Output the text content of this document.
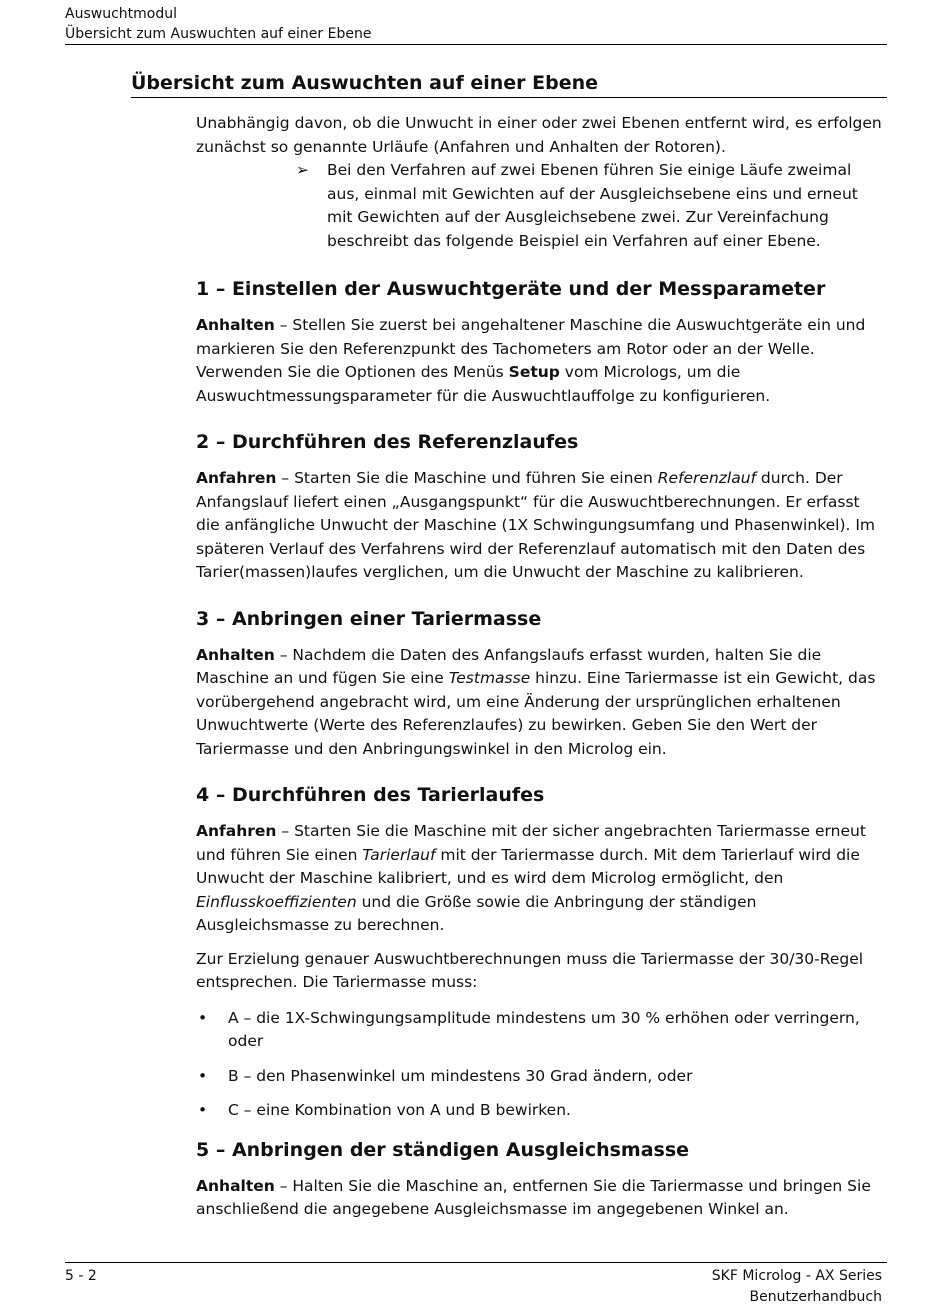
Auswuchtmodul
Übersicht zum Auswuchten auf einer Ebene
Übersicht zum Auswuchten auf einer Ebene

Unabhängig davon, ob die Unwucht in einer oder zwei Ebenen entfernt wird, es erfolgen zunächst so genannte Urläufe (Anfahren und Anhalten der Rotoren).

➢ Bei den Verfahren auf zwei Ebenen führen Sie einige Läufe zweimal aus, einmal mit Gewichten auf der Ausgleichsebene eins und erneut mit Gewichten auf der Ausgleichsebene zwei. Zur Vereinfachung beschreibt das folgende Beispiel ein Verfahren auf einer Ebene.

1 – Einstellen der Auswuchtgeräte und der Messparameter

Anhalten – Stellen Sie zuerst bei angehaltener Maschine die Auswuchtgeräte ein und markieren Sie den Referenzpunkt des Tachometers am Rotor oder an der Welle. Verwenden Sie die Optionen des Menüs Setup vom Micrologs, um die Auswuchtmessungsparameter für die Auswuchtlauffolge zu konfigurieren.

2 – Durchführen des Referenzlaufes

Anfahren – Starten Sie die Maschine und führen Sie einen Referenzlauf durch. Der Anfangslauf liefert einen „Ausgangspunkt“ für die Auswuchtberechnungen. Er erfasst die anfängliche Unwucht der Maschine (1X Schwingungsumfang und Phasenwinkel). Im späteren Verlauf des Verfahrens wird der Referenzlauf automatisch mit den Daten des Tarier(massen)laufes verglichen, um die Unwucht der Maschine zu kalibrieren.

3 – Anbringen einer Tariermasse

Anhalten – Nachdem die Daten des Anfangslaufs erfasst wurden, halten Sie die Maschine an und fügen Sie eine Testmasse hinzu. Eine Tariermasse ist ein Gewicht, das vorübergehend angebracht wird, um eine Änderung der ursprünglichen erhaltenen Unwuchtwerte (Werte des Referenzlaufes) zu bewirken. Geben Sie den Wert der Tariermasse und den Anbringungswinkel in den Microlog ein.

4 – Durchführen des Tarierlaufes

Anfahren – Starten Sie die Maschine mit der sicher angebrachten Tariermasse erneut und führen Sie einen Tarierlauf mit der Tariermasse durch. Mit dem Tarierlauf wird die Unwucht der Maschine kalibriert, und es wird dem Microlog ermöglicht, den Einflusskoeffizienten und die Größe sowie die Anbringung der ständigen Ausgleichsmasse zu berechnen.

Zur Erzielung genauer Auswuchtberechnungen muss die Tariermasse der 30/30-Regel entsprechen. Die Tariermasse muss:

• A – die 1X-Schwingungsamplitude mindestens um 30 % erhöhen oder verringern, oder
• B – den Phasenwinkel um mindestens 30 Grad ändern, oder
• C – eine Kombination von A und B bewirken.
5 – Anbringen der ständigen Ausgleichsmasse

Anhalten – Halten Sie die Maschine an, entfernen Sie die Tariermasse und bringen Sie anschließend die angegebene Ausgleichsmasse im angegebenen Winkel an.

5 - 2	SKF Microlog - AX Series
Benutzerhandbuch
